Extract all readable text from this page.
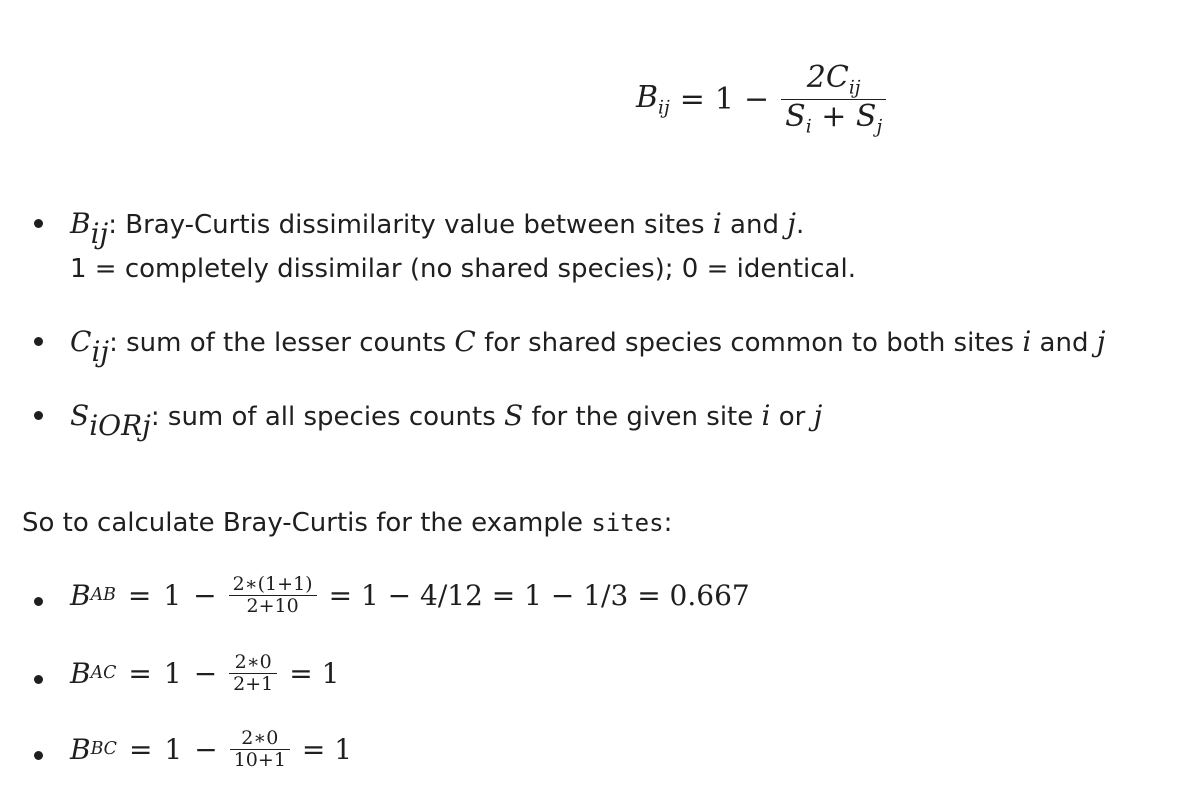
$B_{ij} = 1 - \frac{2C_{ij}}{S_i + S_j}$
Bij: Bray-Curtis dissimilarity value between sites i and j.
1 = completely dissimilar (no shared species); 0 = identical.
Cij: sum of the lesser counts C for shared species common to both sites i and j
SiORj: sum of all species counts S for the given site i or j
So to calculate Bray-Curtis for the example sites:
B AB = $1 - \frac{2∗(1+1)}{2+10} = 1 - 4/12 = 1 - 1/3 = 0.667$
B AC = $1 - \frac{2∗0}{2+1} = 1$
B BC = $1 - \frac{2∗0}{10+1} = 1$
